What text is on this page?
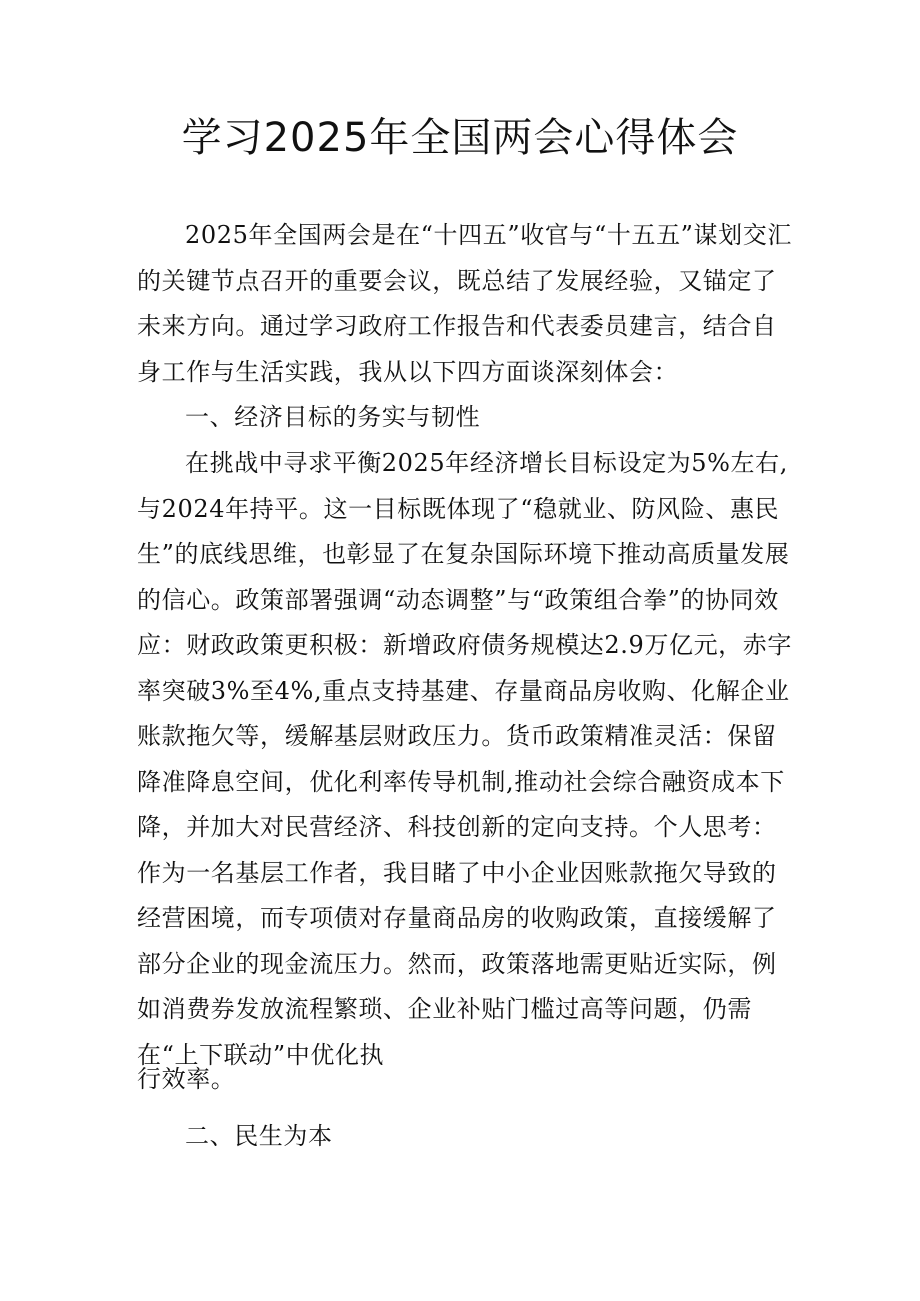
学习2025年全国两会心得体会

2025年全国两会是在“十四五”收官与“十五五”谋划交汇的关键节点召开的重要会议，既总结了发展经验，又锚定了未来方向。通过学习政府工作报告和代表委员建言，结合自身工作与生活实践，我从以下四方面谈深刻体会：

一、经济目标的务实与韧性

在挑战中寻求平衡2025年经济增长目标设定为5%左右,与2024年持平。这一目标既体现了“稳就业、防风险、惠民生”的底线思维，也彰显了在复杂国际环境下推动高质量发展的信心。政策部署强调“动态调整”与“政策组合拳”的协同效应：财政政策更积极：新增政府债务规模达2.9万亿元，赤字率突破3%至4%,重点支持基建、存量商品房收购、化解企业账款拖欠等，缓解基层财政压力。货币政策精准灵活：保留降准降息空间，优化利率传导机制,推动社会综合融资成本下降，并加大对民营经济、科技创新的定向支持。个人思考：作为一名基层工作者，我目睹了中小企业因账款拖欠导致的经营困境，而专项债对存量商品房的收购政策，直接缓解了部分企业的现金流压力。然而，政策落地需更贴近实际，例如消费券发放流程繁琐、企业补贴门槛过高等问题，仍需在“上下联动”中优化执

行效率。

二、民生为本
